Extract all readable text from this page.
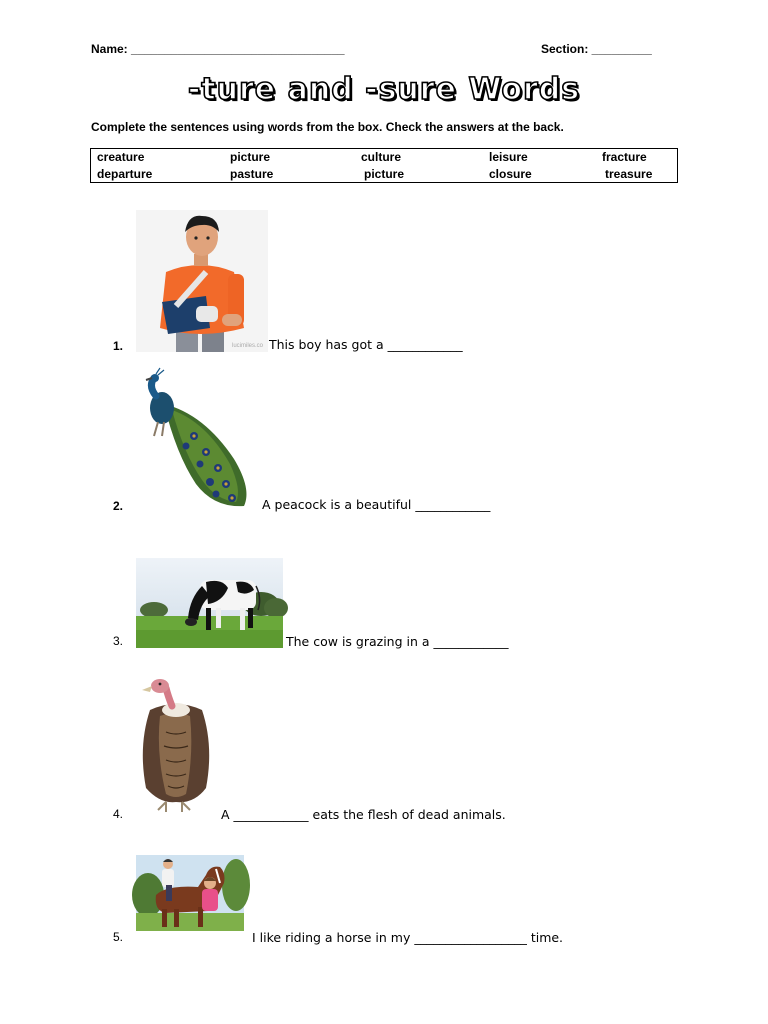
Name: ________________________________	Section: _________
-ture and -sure Words
Complete the sentences using words from the box. Check the answers at the back.
creature	picture	culture	leisure	fracture
departure	pasture	picture	closure	treasure
lucimiles.co
1.	This boy has got a ____________
2.	A peacock is a beautiful ____________
3.	The cow is grazing in a ____________
4.	A ____________ eats the flesh of dead animals.
5.	I like riding a horse in my __________________ time.
